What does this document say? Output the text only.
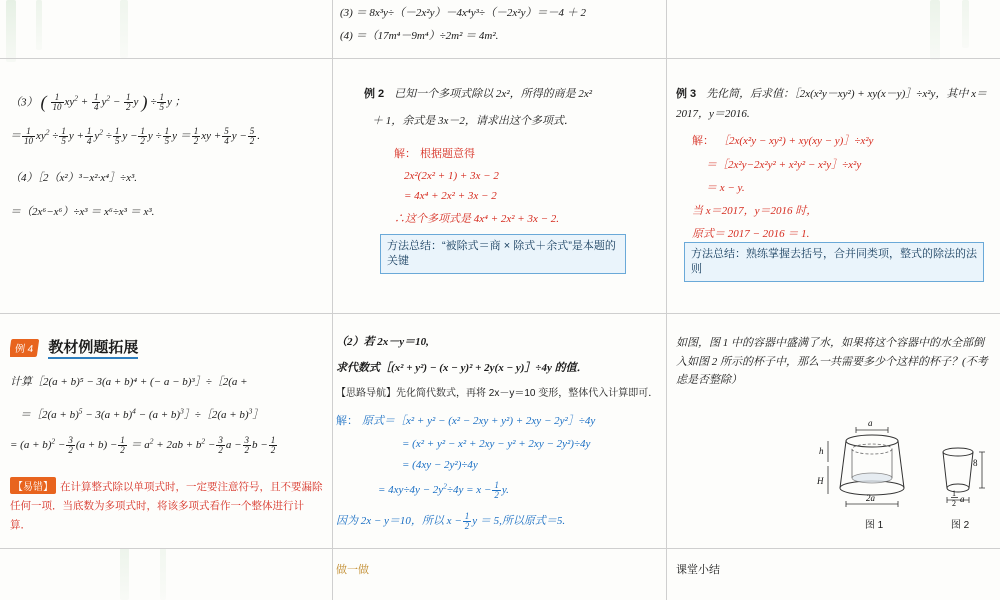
(3) ＝ 8x³y÷（－2x²y）－4x⁴y³÷（－2x²y）＝－4 ＋ 2
(4) ＝（17m⁴－9m⁴）÷2m² ＝ 4m².
（3） ( $\frac{1}{10} xy^2 + \frac{1}{4} y^2 - \frac{1}{2}$ y ) ÷ $\frac{1}{5}$ y ；
＝ $\frac{1}{10} xy^2 \div \frac{1}{5}$ $y + \frac{1}{4} y^2 \div \frac{1}{5}$ $y - \frac{1}{2}$ $y \div \frac{1}{5}$ $y = \frac{1}{2}$ xy + $\frac{5}{4}$ $y - \frac{5}{2}$ .
（4）［2（x²）³−x²·x⁴］÷x³.
＝（2x⁶−x⁶）÷x³ ＝ x⁶÷x³ ＝ x³.
例 2 已知一个多项式除以 2x²，所得的商是 2x²
＋ 1，余式是 3x－2，请求出这个多项式．
解： 根据题意得
2x²(2x² + 1) + 3x − 2
= 4x⁴ + 2x² + 3x − 2
∴这个多项式是 4x⁴ + 2x² + 3x − 2.
方法总结：“被除式＝商 × 除式＋余式”是本题的关键
例 3 先化简，后求值：［2x(x²y－xy²) + xy(x－y)］÷x²y，其中 x＝2017，y＝2016.
解： ［2x(x²y − xy²) + xy(xy − y)］÷x²y
＝［2x²y−2x²y² + x²y² − x²y］÷x²y
＝ x − y.
当 x＝2017，y＝2016 时，
原式＝ 2017 − 2016 ＝ 1.
方法总结：熟练掌握去括号，合并同类项，整式的除法的法则
例 4 教材例题拓展
计算［2(a + b)⁵ − 3(a + b)⁴ + (− a − b)³］÷［2(a +
＝［2(a + $b)^5 - 3(a + b)^4 - (a$ + $b)^3]\div[2(a$ + b)$^3$］
= $(a + b)^2 - \frac{3}{2} (a + b) - \frac{1}{2} = a^2 + 2ab + b^2 - \frac{3}{2}$ $a - \frac{3}{2}$ $b - \frac{1}{2}$
【易错】 在计算整式除以单项式时，一定要注意符号，且不要漏除任何一项．当底数为多项式时，将该多项式看作一个整体进行计算．
（2）若 2x－y＝10,
求代数式［(x² + y²) − (x − y)² + 2y(x − y)］÷4y 的值．
【思路导航】先化简代数式，再将 2x－y＝10 变形，整体代入计算即可．
解： 原式＝［x² + y² − (x² − 2xy + y²) + 2xy − 2y²］÷4y
= (x² + y² − x² + 2xy − y² + 2xy − 2y²)÷4y
= (4xy − 2y²)÷4y
= $4xy\div 4y - 2y^2\div 4y = x - \frac{1}{2} y$.
因为 2x − y＝10，所以 $x - \frac{1}{2}$ y ＝ 5,所以原式＝5.
做一做
如图，图 1 中的容器中盛满了水，如果将这个容器中的水全部倒入如图 2 所示的杯子中，那么一共需要多少个这样的杯子？(不考虑是否整除）
a
h
H
2a
8
1
2 a
图 1	图 2
课堂小结
